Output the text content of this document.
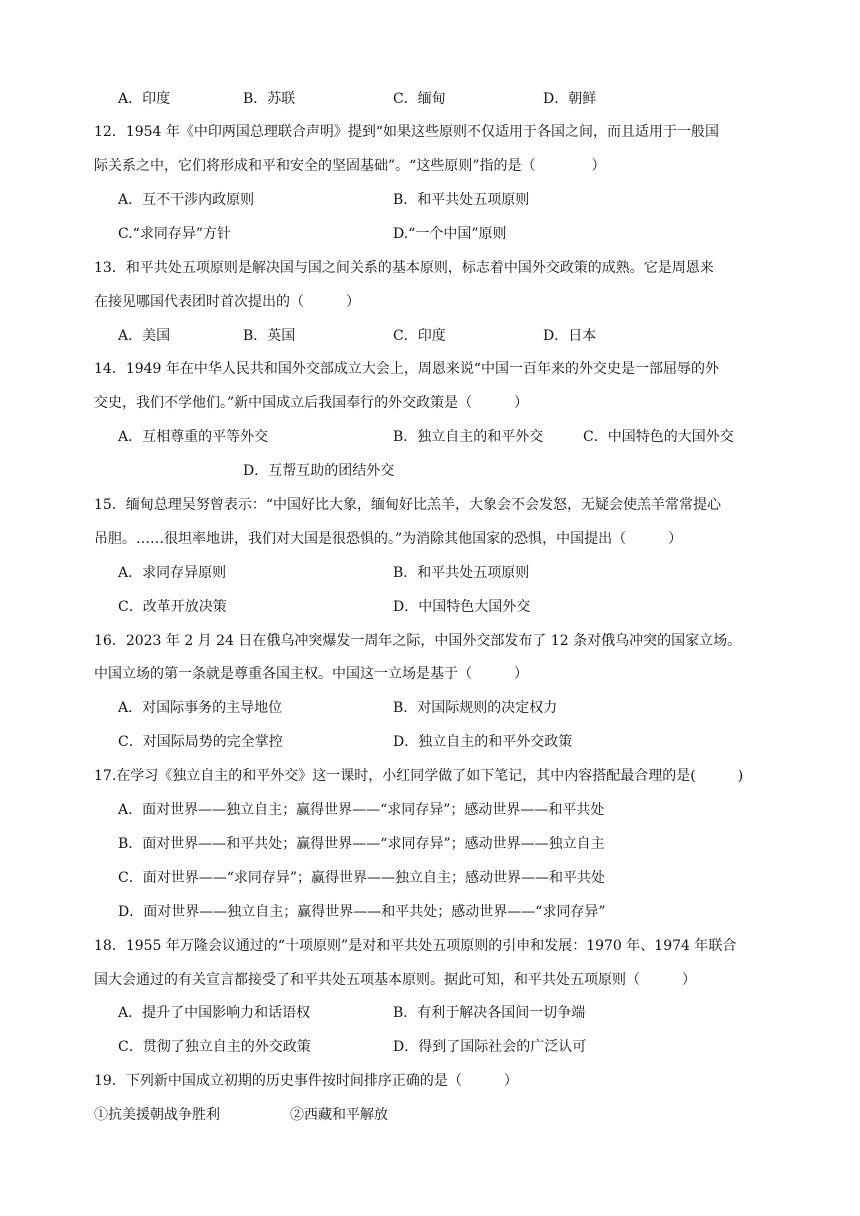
A．印度	B．苏联	C．缅甸	D．朝鲜
12．1954 年《中印两国总理联合声明》提到“如果这些原则不仅适用于各国之间，而且适用于一般国
际关系之中，它们将形成和平和安全的坚固基础”。“这些原则”指的是（　　　　）
A．互不干涉内政原则	B．和平共处五项原则
C.“求同存异”方针	D.“一个中国”原则
13．和平共处五项原则是解决国与国之间关系的基本原则，标志着中国外交政策的成熟。它是周恩来
在接见哪国代表团时首次提出的（　　　）
A．美国	B．英国	C．印度	D．日本
14．1949 年在中华人民共和国外交部成立大会上，周恩来说“中国一百年来的外交史是一部屈辱的外
交史，我们不学他们。”新中国成立后我国奉行的外交政策是（　　　）
A．互相尊重的平等外交	B．独立自主的和平外交	C．中国特色的大国外交
D．互帮互助的团结外交
15．缅甸总理吴努曾表示：“中国好比大象，缅甸好比羔羊，大象会不会发怒，无疑会使羔羊常常提心
吊胆。……很坦率地讲，我们对大国是很恐惧的。”为消除其他国家的恐惧，中国提出（　　　）
A．求同存异原则	B．和平共处五项原则
C．改革开放决策	D．中国特色大国外交
16．2023 年 2 月 24 日在俄乌冲突爆发一周年之际，中国外交部发布了 12 条对俄乌冲突的国家立场。
中国立场的第一条就是尊重各国主权。中国这一立场是基于（　　　）
A．对国际事务的主导地位	B．对国际规则的决定权力
C．对国际局势的完全掌控	D．独立自主的和平外交政策
17.在学习《独立自主的和平外交》这一课时，小红同学做了如下笔记，其中内容搭配最合理的是(　　　)
A．面对世界——独立自主；赢得世界——“求同存异”；感动世界——和平共处
B．面对世界——和平共处；赢得世界——“求同存异”；感动世界——独立自主
C．面对世界——“求同存异”；赢得世界——独立自主；感动世界——和平共处
D．面对世界——独立自主；赢得世界——和平共处；感动世界——“求同存异”
18．1955 年万隆会议通过的“十项原则”是对和平共处五项原则的引申和发展：1970 年、1974 年联合
国大会通过的有关宣言都接受了和平共处五项基本原则。据此可知，和平共处五项原则（　　　）
A．提升了中国影响力和话语权	B．有利于解决各国间一切争端
C．贯彻了独立自主的外交政策	D．得到了国际社会的广泛认可
19．下列新中国成立初期的历史事件按时间排序正确的是（　　　）
①抗美援朝战争胜利	②西藏和平解放
